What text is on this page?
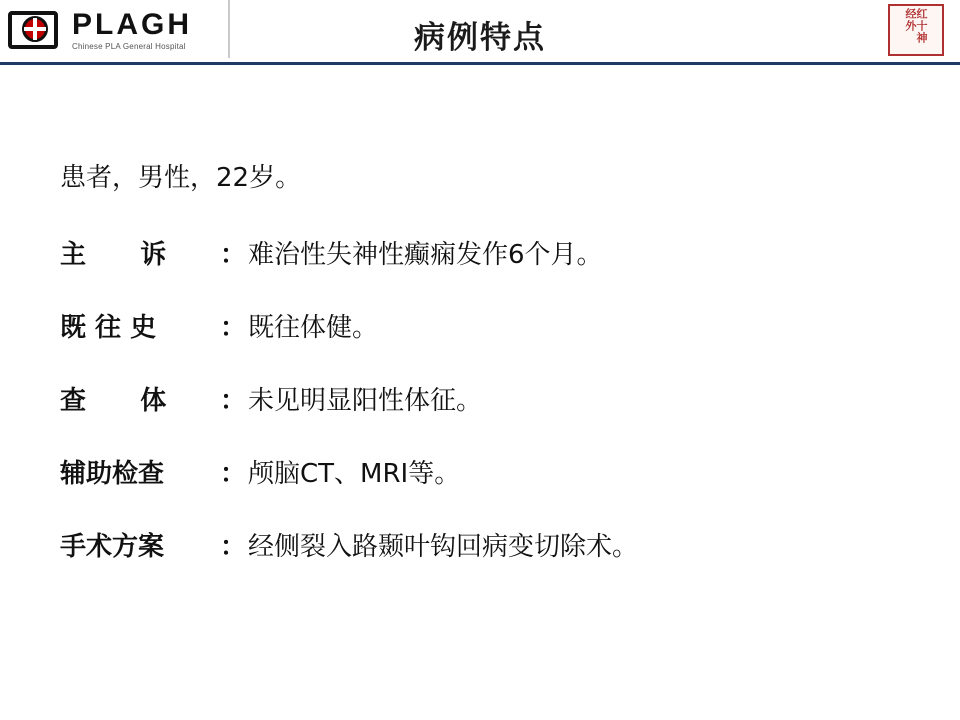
PLAGH
Chinese PLA General Hospital	病例特点	红十神经外
患者，男性，22岁。
主      诉	： 难治性失神性癫痫发作6个月。
既 往 史	： 既往体健。
查      体	： 未见明显阳性体征。
辅助检查	： 颅脑CT、MRI等。
手术方案	： 经侧裂入路颞叶钩回病变切除术。
